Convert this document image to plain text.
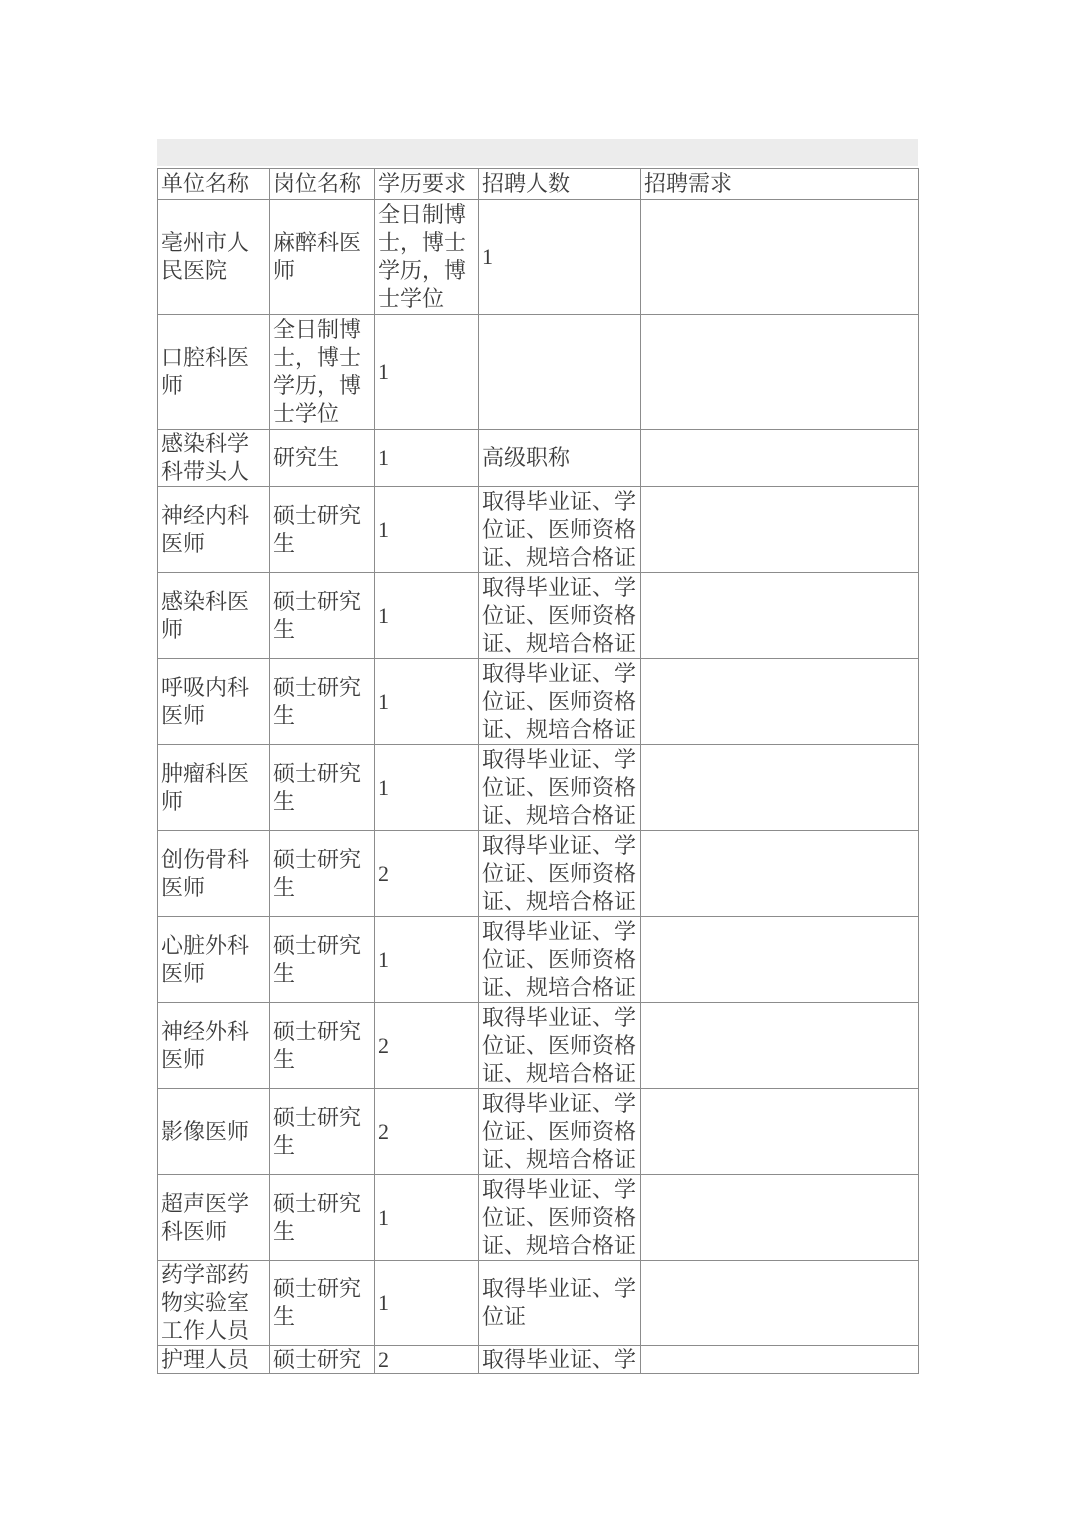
单位名称	岗位名称	学历要求	招聘人数	招聘需求
亳州市人民医院	麻醉科医师	全日制博士，博士学历，博士学位	1	
口腔科医师	全日制博士，博士学历，博士学位	1		
感染科学科带头人	研究生	1	高级职称	
神经内科医师	硕士研究生	1	取得毕业证、学位证、医师资格证、规培合格证	
感染科医师	硕士研究生	1	取得毕业证、学位证、医师资格证、规培合格证	
呼吸内科医师	硕士研究生	1	取得毕业证、学位证、医师资格证、规培合格证	
肿瘤科医师	硕士研究生	1	取得毕业证、学位证、医师资格证、规培合格证	
创伤骨科医师	硕士研究生	2	取得毕业证、学位证、医师资格证、规培合格证	
心脏外科医师	硕士研究生	1	取得毕业证、学位证、医师资格证、规培合格证	
神经外科医师	硕士研究生	2	取得毕业证、学位证、医师资格证、规培合格证	
影像医师	硕士研究生	2	取得毕业证、学位证、医师资格证、规培合格证	
超声医学科医师	硕士研究生	1	取得毕业证、学位证、医师资格证、规培合格证	
药学部药物实验室工作人员	硕士研究生	1	取得毕业证、学位证	
护理人员	硕士研究	2	取得毕业证、学	
